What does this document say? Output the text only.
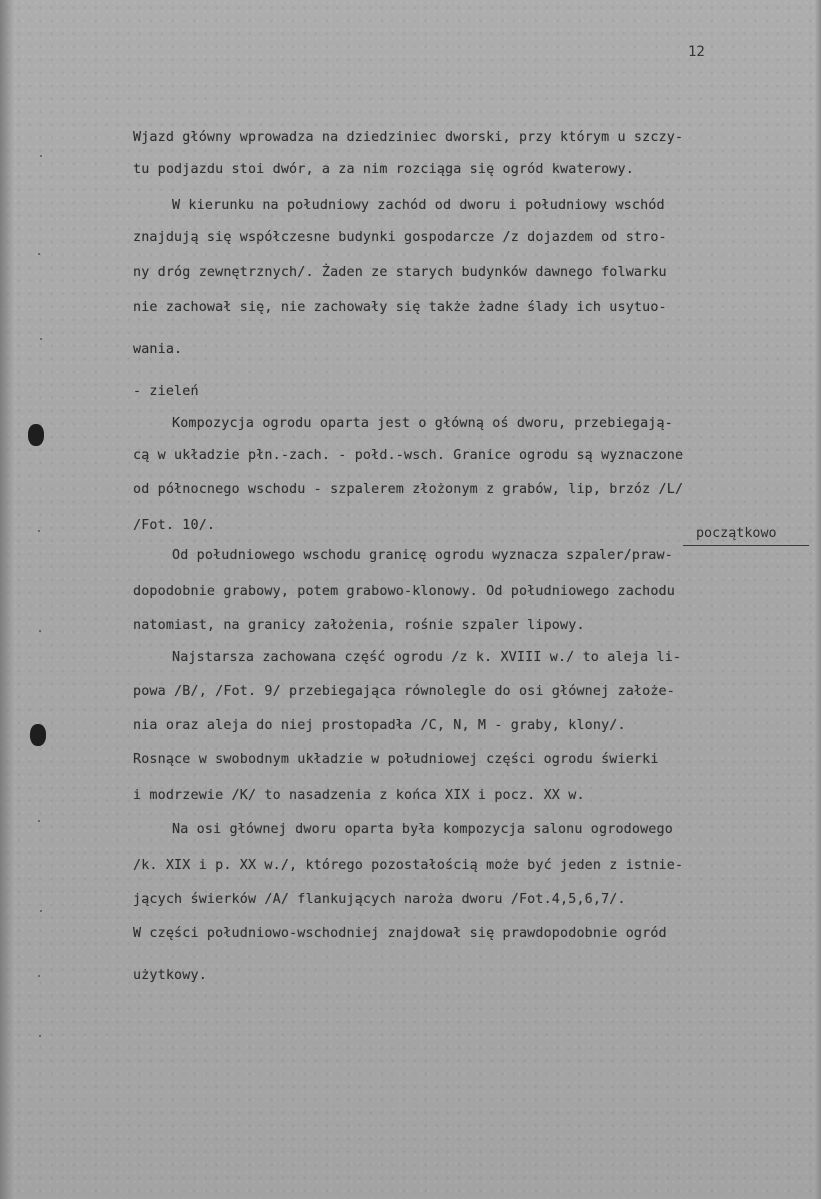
12
Wjazd główny wprowadza na dziedziniec dworski, przy którym u szczy-
tu podjazdu stoi dwór, a za nim rozciąga się ogród kwaterowy.
W kierunku na południowy zachód od dworu i południowy wschód
znajdują się współczesne budynki gospodarcze /z dojazdem od stro-
ny dróg zewnętrznych/. Żaden ze starych budynków dawnego folwarku
nie zachował się, nie zachowały się także żadne ślady ich usytuo-
wania.
- zieleń
Kompozycja ogrodu oparta jest o główną oś dworu, przebiegają-
cą w układzie płn.-zach. - połd.-wsch. Granice ogrodu są wyznaczone
od północnego wschodu - szpalerem złożonym z grabów, lip, brzóz /L/
/Fot. 10/.
początkowo
Od południowego wschodu granicę ogrodu wyznacza szpaler/praw-
dopodobnie grabowy, potem grabowo-klonowy. Od południowego zachodu
natomiast, na granicy założenia, rośnie szpaler lipowy.
Najstarsza zachowana część ogrodu /z k. XVIII w./ to aleja li-
powa /B/, /Fot. 9/ przebiegająca równolegle do osi głównej założe-
nia oraz aleja do niej prostopadła /C, N, M - graby, klony/.
Rosnące w swobodnym układzie w południowej części ogrodu świerki
i modrzewie /K/ to nasadzenia z końca XIX i pocz. XX w.
Na osi głównej dworu oparta była kompozycja salonu ogrodowego
/k. XIX i p. XX w./, którego pozostałością może być jeden z istnie-
jących świerków /A/ flankujących naroża dworu /Fot.4,5,6,7/.
W części południowo-wschodniej znajdował się prawdopodobnie ogród
użytkowy.
